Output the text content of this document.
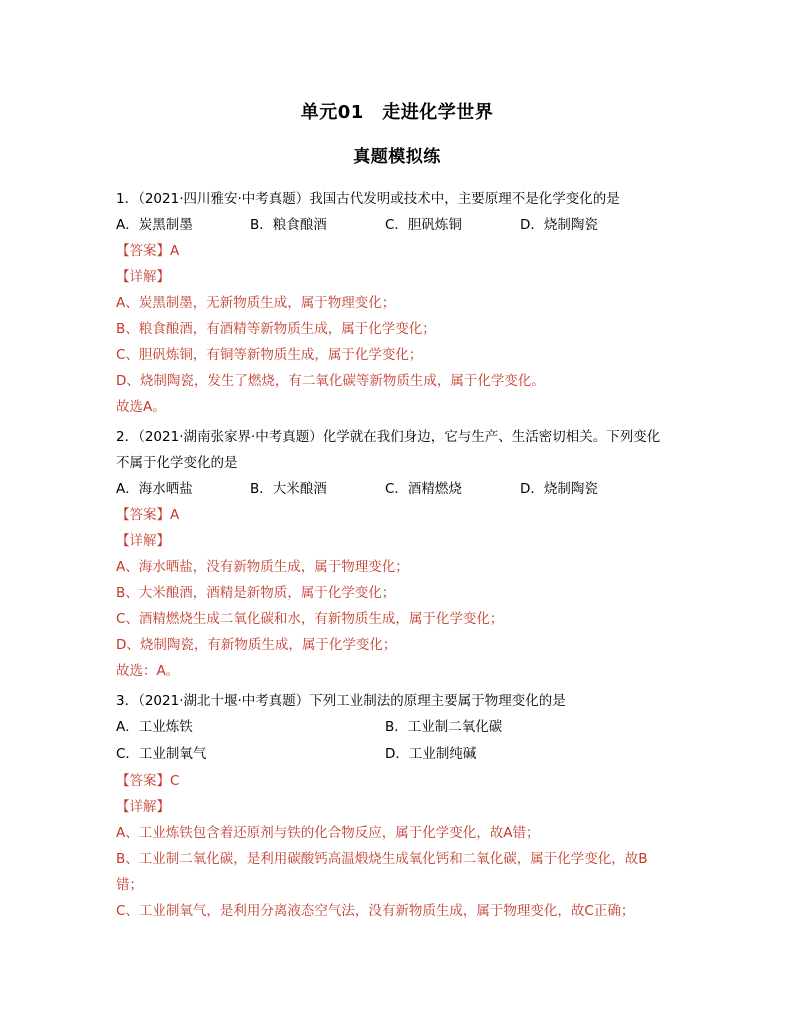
单元01　走进化学世界
真题模拟练
1．（2021·四川雅安·中考真题）我国古代发明或技术中，主要原理不是化学变化的是
A．炭黑制墨	B．粮食酿酒	C．胆矾炼铜	D．烧制陶瓷
【答案】A
【详解】
A、炭黑制墨，无新物质生成，属于物理变化；
B、粮食酿酒，有酒精等新物质生成，属于化学变化；
C、胆矾炼铜，有铜等新物质生成，属于化学变化；
D、烧制陶瓷，发生了燃烧，有二氧化碳等新物质生成，属于化学变化。
故选A。
2．（2021·湖南张家界·中考真题）化学就在我们身边，它与生产、生活密切相关。下列变化
不属于化学变化的是
A．海水晒盐	B．大米酿酒	C．酒精燃烧	D．烧制陶瓷
【答案】A
【详解】
A、海水晒盐，没有新物质生成，属于物理变化；
B、大米酿酒，酒精是新物质，属于化学变化；
C、酒精燃烧生成二氧化碳和水，有新物质生成，属于化学变化；
D、烧制陶瓷，有新物质生成，属于化学变化；
故选：A。
3．（2021·湖北十堰·中考真题）下列工业制法的原理主要属于物理变化的是
A．工业炼铁	B．工业制二氧化碳
C．工业制氧气	D．工业制纯碱
【答案】C
【详解】
A、工业炼铁包含着还原剂与铁的化合物反应，属于化学变化，故A错；
B、工业制二氧化碳，是利用碳酸钙高温煅烧生成氧化钙和二氧化碳，属于化学变化，故B
错；
C、工业制氧气，是利用分离液态空气法，没有新物质生成，属于物理变化，故C正确；
